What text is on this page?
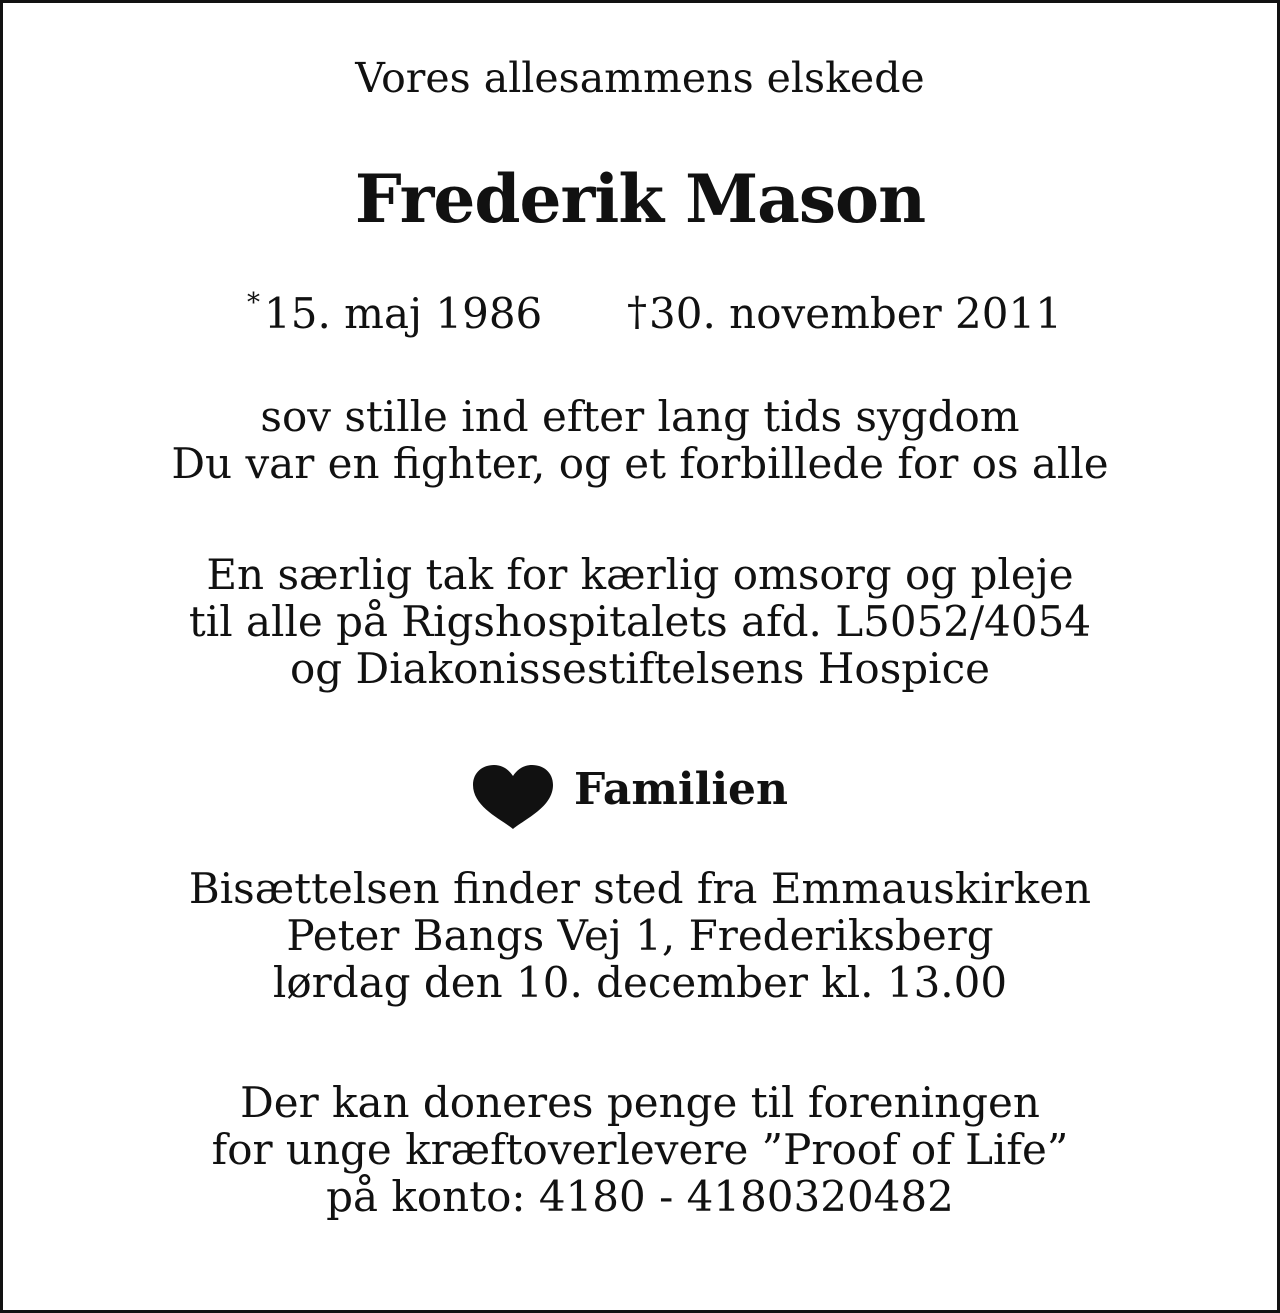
Vores allesammens elskede
Frederik Mason
*15. maj 1986 †30. november 2011
sov stille ind efter lang tids sygdom
Du var en fighter, og et forbillede for os alle
En særlig tak for kærlig omsorg og pleje
til alle på Rigshospitalets afd. L5052/4054
og Diakonissestiftelsens Hospice
Familien
Bisættelsen finder sted fra Emmauskirken
Peter Bangs Vej 1, Frederiksberg
lørdag den 10. december kl. 13.00
Der kan doneres penge til foreningen
for unge kræftoverlevere ”Proof of Life”
på konto: 4180 - 4180320482
